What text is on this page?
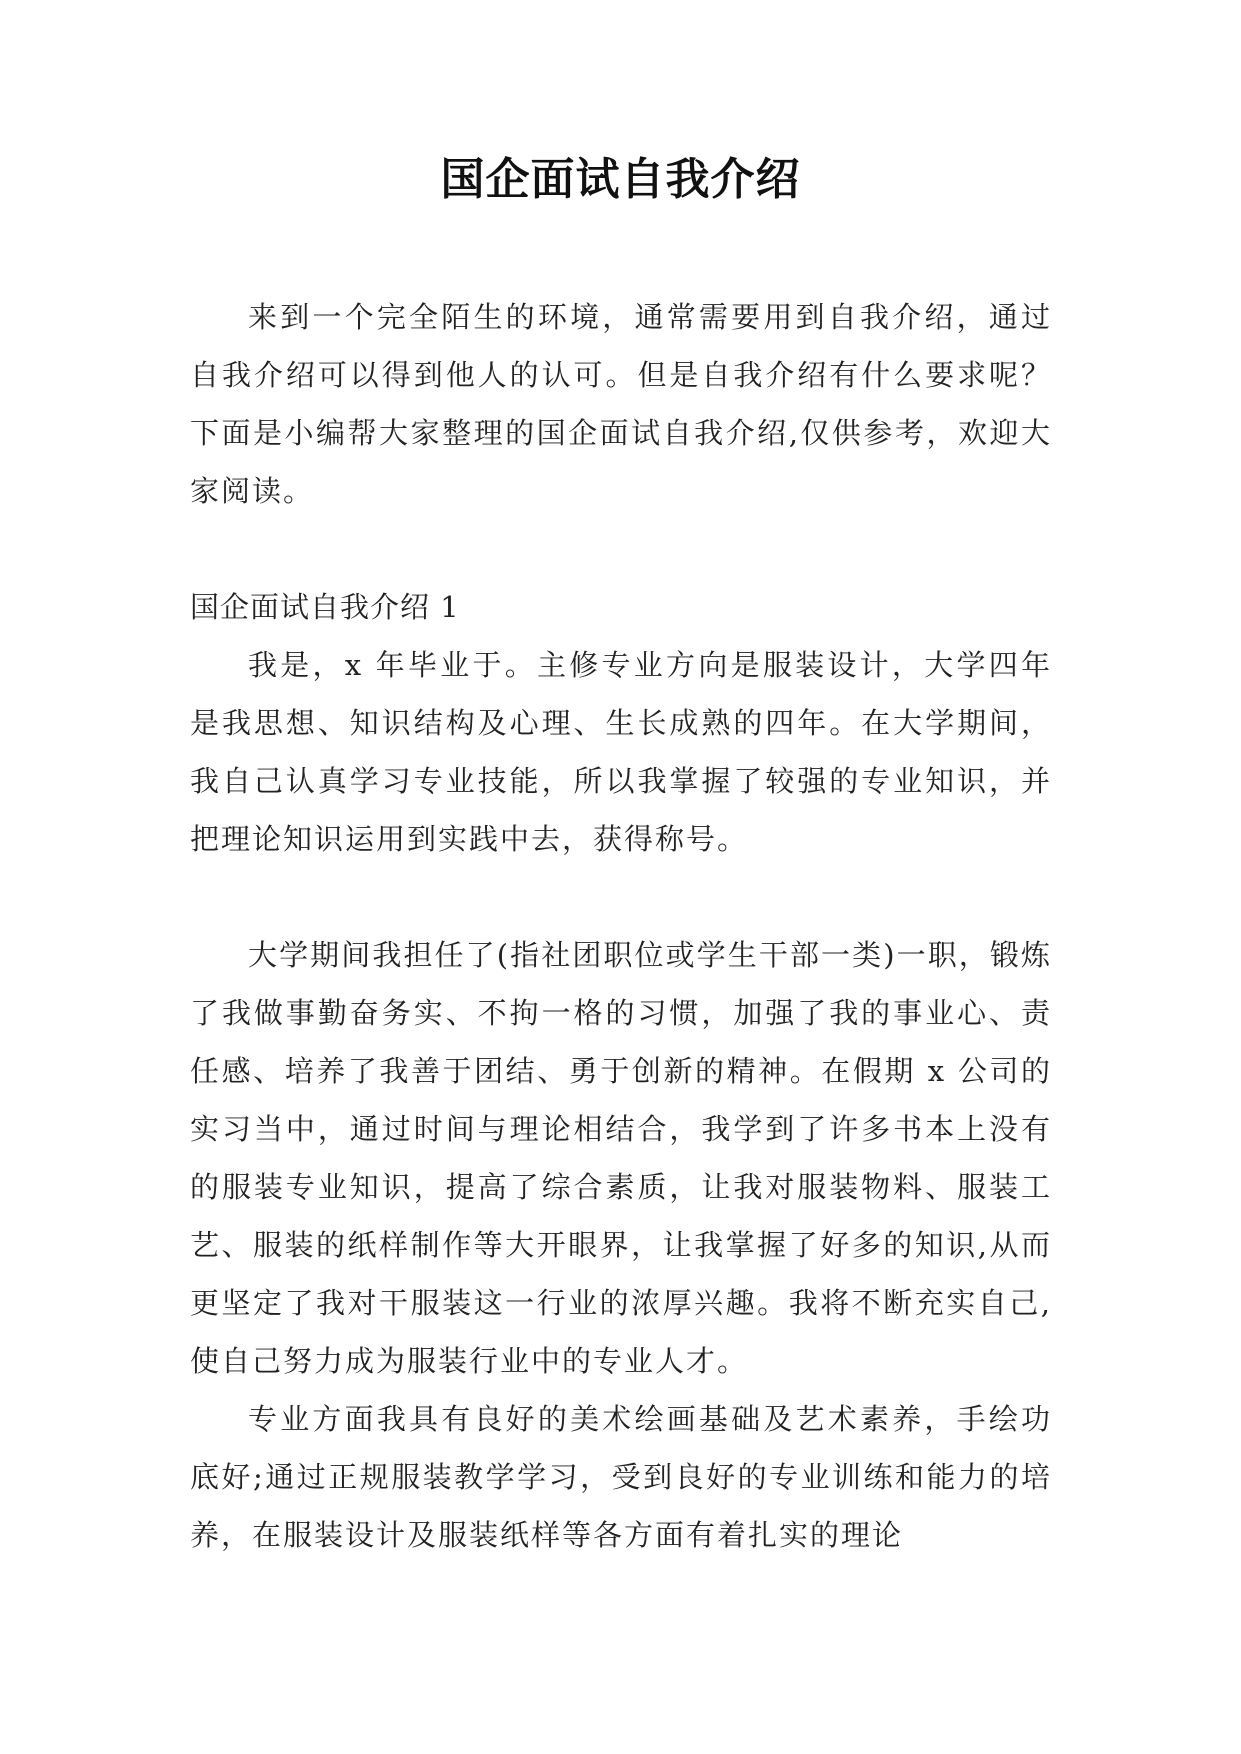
国企面试自我介绍

来到一个完全陌生的环境，通常需要用到自我介绍，通过自我介绍可以得到他人的认可。但是自我介绍有什么要求呢？下面是小编帮大家整理的国企面试自我介绍,仅供参考，欢迎大家阅读。

国企面试自我介绍 1

我是，x 年毕业于。主修专业方向是服装设计，大学四年是我思想、知识结构及心理、生长成熟的四年。在大学期间，我自己认真学习专业技能，所以我掌握了较强的专业知识，并把理论知识运用到实践中去，获得称号。

大学期间我担任了(指社团职位或学生干部一类)一职，锻炼了我做事勤奋务实、不拘一格的习惯，加强了我的事业心、责任感、培养了我善于团结、勇于创新的精神。在假期 x 公司的实习当中，通过时间与理论相结合，我学到了许多书本上没有的服装专业知识，提高了综合素质，让我对服装物料、服装工艺、服装的纸样制作等大开眼界，让我掌握了好多的知识,从而更坚定了我对干服装这一行业的浓厚兴趣。我将不断充实自己,使自己努力成为服装行业中的专业人才。

专业方面我具有良好的美术绘画基础及艺术素养，手绘功底好;通过正规服装教学学习，受到良好的专业训练和能力的培养，在服装设计及服装纸样等各方面有着扎实的理论
